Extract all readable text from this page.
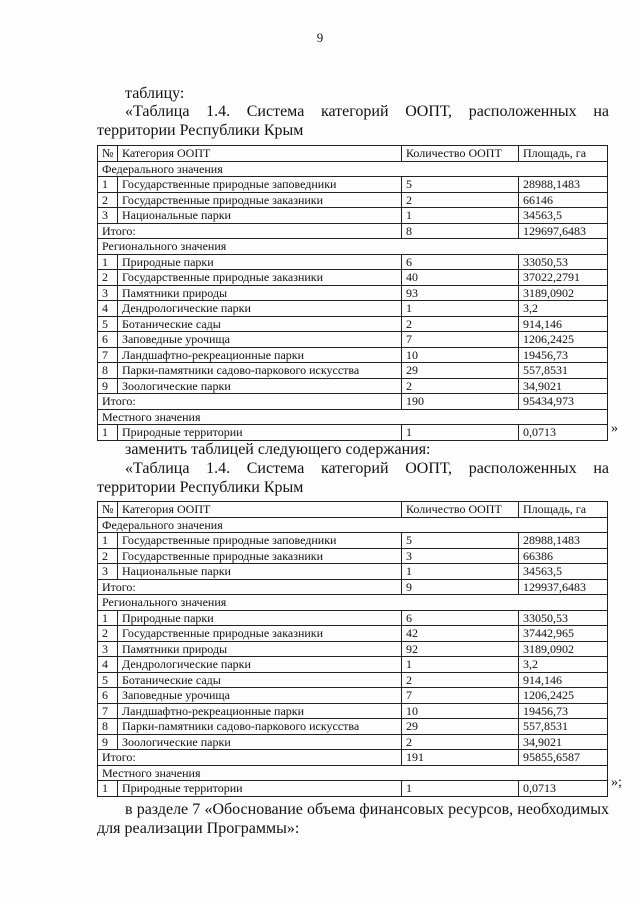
9
таблицу:
«Таблица 1.4. Система категорий ООПТ, расположенных на территории Республики Крым
№	Категория ООПТ	Количество ООПТ	Площадь, га
Федерального значения			
1	Государственные природные заповедники	5	28988,1483
2	Государственные природные заказники	2	66146
3	Национальные парки	1	34563,5
Итого:		8	129697,6483
Регионального значения			
1	Природные парки	6	33050,53
2	Государственные природные заказники	40	37022,2791
3	Памятники природы	93	3189,0902
4	Дендрологические парки	1	3,2
5	Ботанические сады	2	914,146
6	Заповедные урочища	7	1206,2425
7	Ландшафтно-рекреационные парки	10	19456,73
8	Парки-памятники садово-паркового искусства	29	557,8531
9	Зоологические парки	2	34,9021
Итого:		190	95434,973
Местного значения			
1	Природные территории	1	0,0713	»
заменить таблицей следующего содержания:
«Таблица 1.4. Система категорий ООПТ, расположенных на территории Республики Крым
№	Категория ООПТ	Количество ООПТ	Площадь, га
Федерального значения			
1	Государственные природные заповедники	5	28988,1483
2	Государственные природные заказники	3	66386
3	Национальные парки	1	34563,5
Итого:		9	129937,6483
Регионального значения			
1	Природные парки	6	33050,53
2	Государственные природные заказники	42	37442,965
3	Памятники природы	92	3189,0902
4	Дендрологические парки	1	3,2
5	Ботанические сады	2	914,146
6	Заповедные урочища	7	1206,2425
7	Ландшафтно-рекреационные парки	10	19456,73
8	Парки-памятники садово-паркового искусства	29	557,8531
9	Зоологические парки	2	34,9021
Итого:		191	95855,6587
Местного значения			
1	Природные территории	1	0,0713	»;
в разделе 7 «Обоснование объема финансовых ресурсов, необходимых для реализации Программы»:
